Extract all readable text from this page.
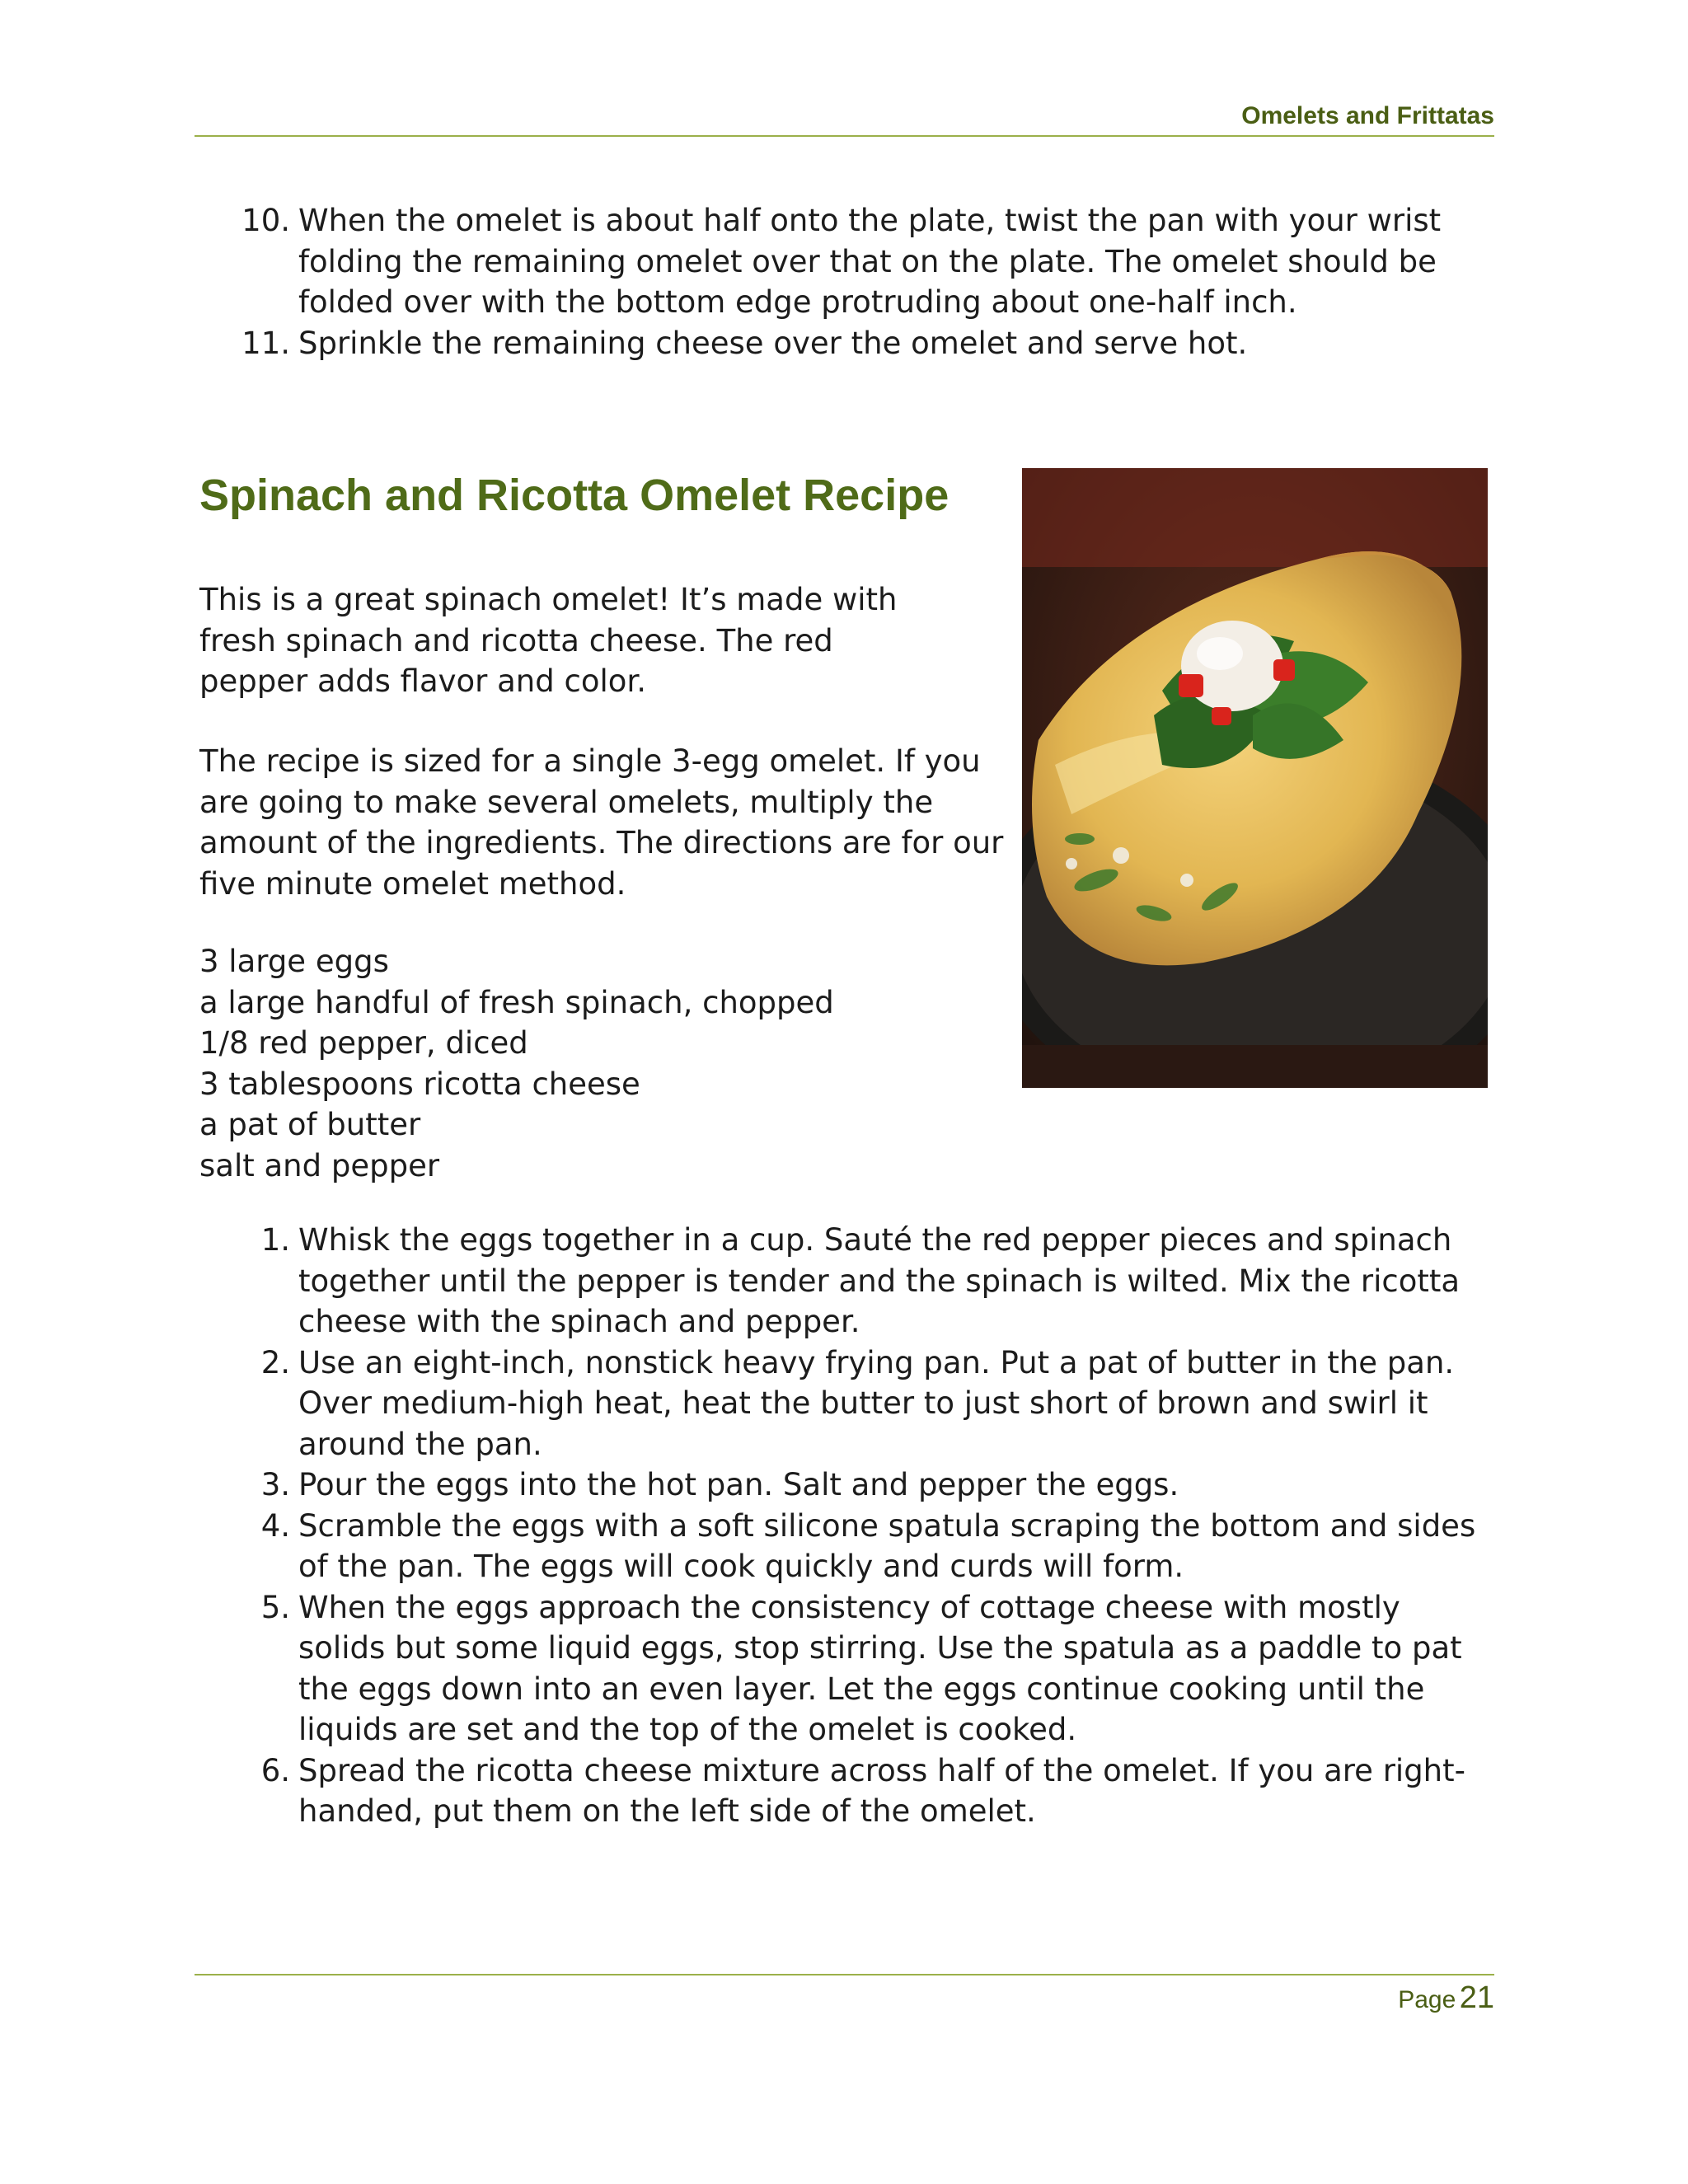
Omelets and Frittatas
10. When the omelet is about half onto the plate, twist the pan with your wrist folding the remaining omelet over that on the plate. The omelet should be folded over with the bottom edge protruding about one-half inch.
11. Sprinkle the remaining cheese over the omelet and serve hot.
Spinach and Ricotta Omelet Recipe

This is a great spinach omelet! It’s made with fresh spinach and ricotta cheese. The red pepper adds flavor and color.

The recipe is sized for a single 3-egg omelet. If you are going to make several omelets, multiply the amount of the ingredients. The directions are for our five minute omelet method.

3 large eggs
a large handful of fresh spinach, chopped
1/8 red pepper, diced
3 tablespoons ricotta cheese
a pat of butter
salt and pepper
1. Whisk the eggs together in a cup. Sauté the red pepper pieces and spinach together until the pepper is tender and the spinach is wilted. Mix the ricotta cheese with the spinach and pepper.
2. Use an eight-inch, nonstick heavy frying pan. Put a pat of butter in the pan. Over medium-high heat, heat the butter to just short of brown and swirl it around the pan.
3. Pour the eggs into the hot pan. Salt and pepper the eggs.
4. Scramble the eggs with a soft silicone spatula scraping the bottom and sides of the pan. The eggs will cook quickly and curds will form.
5. When the eggs approach the consistency of cottage cheese with mostly solids but some liquid eggs, stop stirring. Use the spatula as a paddle to pat the eggs down into an even layer. Let the eggs continue cooking until the liquids are set and the top of the omelet is cooked.
6. Spread the ricotta cheese mixture across half of the omelet. If you are right-handed, put them on the left side of the omelet.
Page 21
